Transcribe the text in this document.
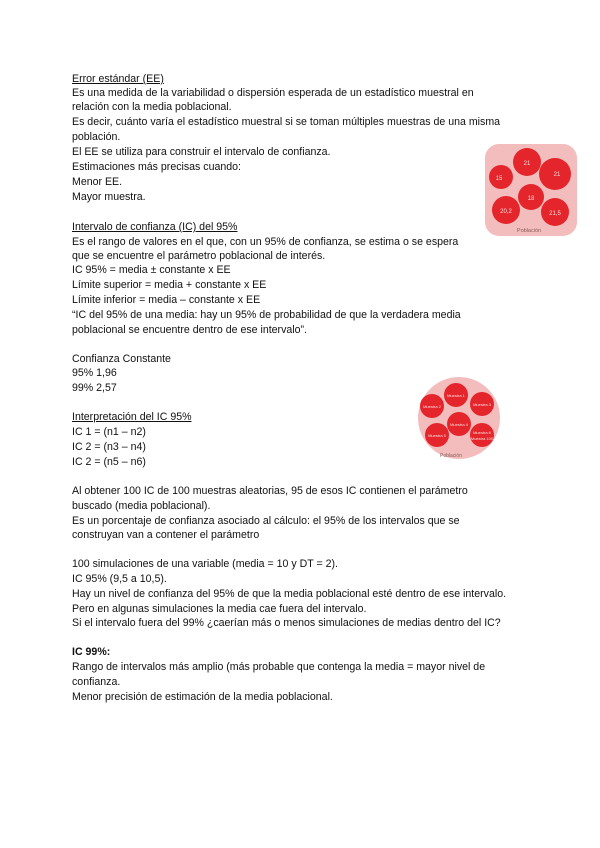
Error estándar (EE)
Es una medida de la variabilidad o dispersión esperada de un estadístico muestral en
relación con la media poblacional.
Es decir, cuánto varía el estadístico muestral si se toman múltiples muestras de una misma
población.
El EE se utiliza para construir el intervalo de confianza.
Estimaciones más precisas cuando:
Menor EE.
Mayor muestra.
21
21
15
18
20,2	21,5
Población
Intervalo de confianza (IC) del 95%
Es el rango de valores en el que, con un 95% de confianza, se estima o se espera
que se encuentre el parámetro poblacional de interés.
IC 95% = media ± constante x EE
Límite superior = media + constante x EE
Límite inferior = media – constante x EE
“IC del 95% de una media: hay un 95% de probabilidad de que la verdadera media
poblacional se encuentre dentro de ese intervalo”.
Confianza Constante
95% 1,96
99% 2,57
Muestra 1
Muestra 2	Muestra 3
Muestra 4
Muestra 5
Muestra 6
Muestra 100
Población
Interpretación del IC 95%
IC 1 = (n1 – n2)
IC 2 = (n3 – n4)
IC 2 = (n5 – n6)
Al obtener 100 IC de 100 muestras aleatorias, 95 de esos IC contienen el parámetro
buscado (media poblacional).
Es un porcentaje de confianza asociado al cálculo: el 95% de los intervalos que se
construyan van a contener el parámetro
100 simulaciones de una variable (media = 10 y DT = 2).
IC 95% (9,5 a 10,5).
Hay un nivel de confianza del 95% de que la media poblacional esté dentro de ese intervalo.
Pero en algunas simulaciones la media cae fuera del intervalo.
Si el intervalo fuera del 99% ¿caerían más o menos simulaciones de medias dentro del IC?
IC 99%:
Rango de intervalos más amplio (más probable que contenga la media = mayor nivel de
confianza.
Menor precisión de estimación de la media poblacional.
